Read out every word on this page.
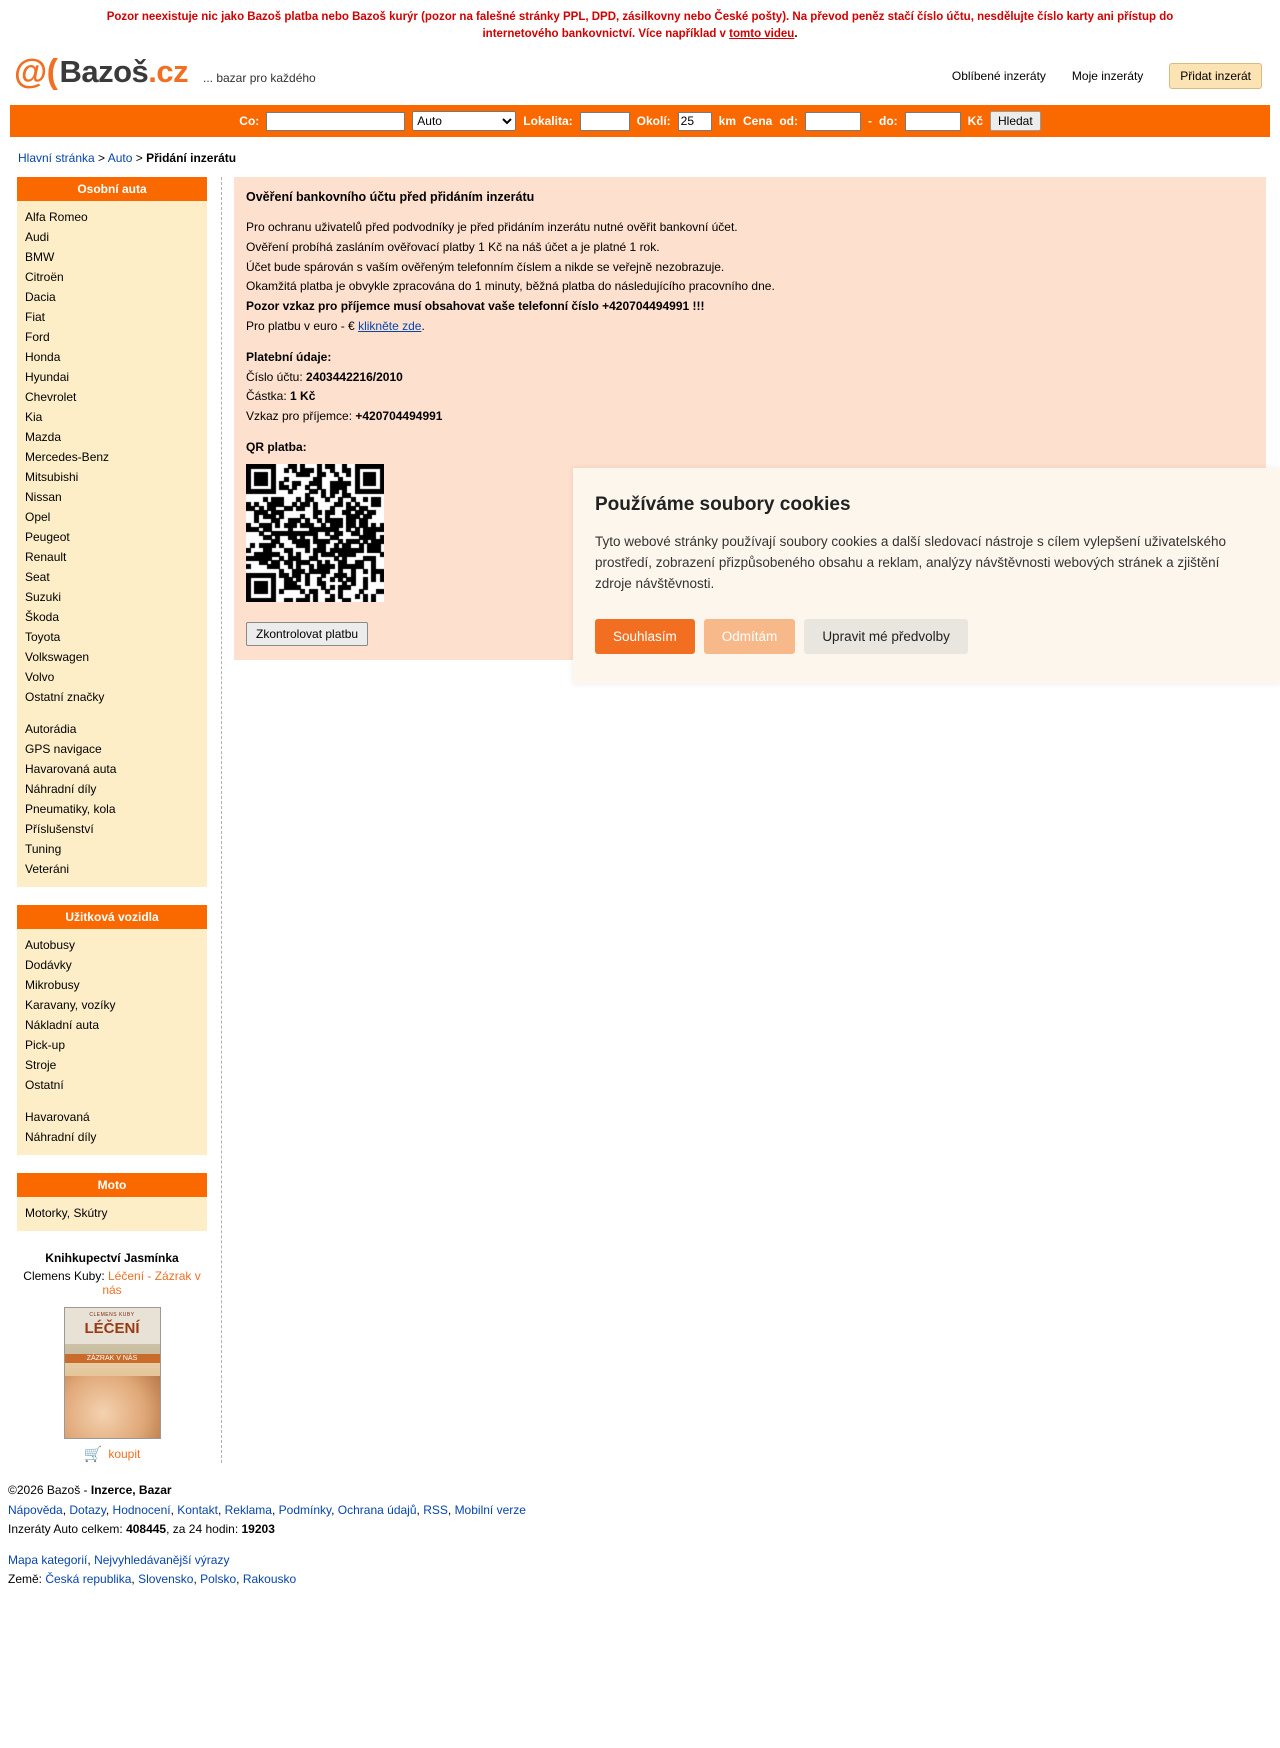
Pozor neexistuje nic jako Bazoš platba nebo Bazoš kurýr (pozor na falešné stránky PPL, DPD, zásilkovny nebo České pošty). Na převod peněz stačí číslo účtu, nesdělujte číslo karty ani přístup do internetového bankovnictví. Více například v tomto videu.
@( Bazoš .cz ... bazar pro každého	Oblíbené inzeráty Moje inzeráty	Přidat inzerát
Co:
Auto	Lokalita:	Okolí:
25	km Cena od:	- do:	Kč	Hledat
Hlavní stránka > Auto > Přidání inzerátu
Osobní auta
Alfa Romeo
Audi
BMW
Citroën
Dacia
Fiat
Ford
Honda
Hyundai
Chevrolet
Kia
Mazda
Mercedes-Benz
Mitsubishi
Nissan
Opel
Peugeot
Renault
Seat
Suzuki
Škoda
Toyota
Volkswagen
Volvo
Ostatní značky
Autorádia
GPS navigace
Havarovaná auta
Náhradní díly
Pneumatiky, kola
Příslušenství
Tuning
Veteráni
Užitková vozidla
Autobusy
Dodávky
Mikrobusy
Karavany, vozíky
Nákladní auta
Pick-up
Stroje
Ostatní
Havarovaná
Náhradní díly
Moto
Motorky, Skútry
Knihkupectví Jasmínka
Clemens Kuby: Léčení - Zázrak v nás
CLEMENS KUBY
LÉČENÍ
ZÁZRAK V NÁS
🛒 koupit
Ověření bankovního účtu před přidáním inzerátu

Pro ochranu uživatelů před podvodníky je před přidáním inzerátu nutné ověřit bankovní účet.

Ověření probíhá zasláním ověřovací platby 1 Kč na náš účet a je platné 1 rok.

Účet bude spárován s vaším ověřeným telefonním číslem a nikde se veřejně nezobrazuje.

Okamžitá platba je obvykle zpracována do 1 minuty, běžná platba do následujícího pracovního dne.

Pozor vzkaz pro příjemce musí obsahovat vaše telefonní číslo +420704494991 !!!

Pro platbu v euro - € klikněte zde.

Platební údaje:

Číslo účtu: 2403442216/2010

Částka: 1 Kč

Vzkaz pro příjemce: +420704494991

QR platba:
Zkontrolovat platbu
©2026 Bazoš - Inzerce, Bazar
Nápověda, Dotazy, Hodnocení, Kontakt, Reklama, Podmínky, Ochrana údajů, RSS, Mobilní verze
Inzeráty Auto celkem: 408445, za 24 hodin: 19203
Mapa kategorií, Nejvyhledávanější výrazy
Země: Česká republika, Slovensko, Polsko, Rakousko
Používáme soubory cookies

Tyto webové stránky používají soubory cookies a další sledovací nástroje s cílem vylepšení uživatelského prostředí, zobrazení přizpůsobeného obsahu a reklam, analýzy návštěvnosti webových stránek a zjištění zdroje návštěvnosti.

Souhlasím	Odmítám	Upravit mé předvolby
